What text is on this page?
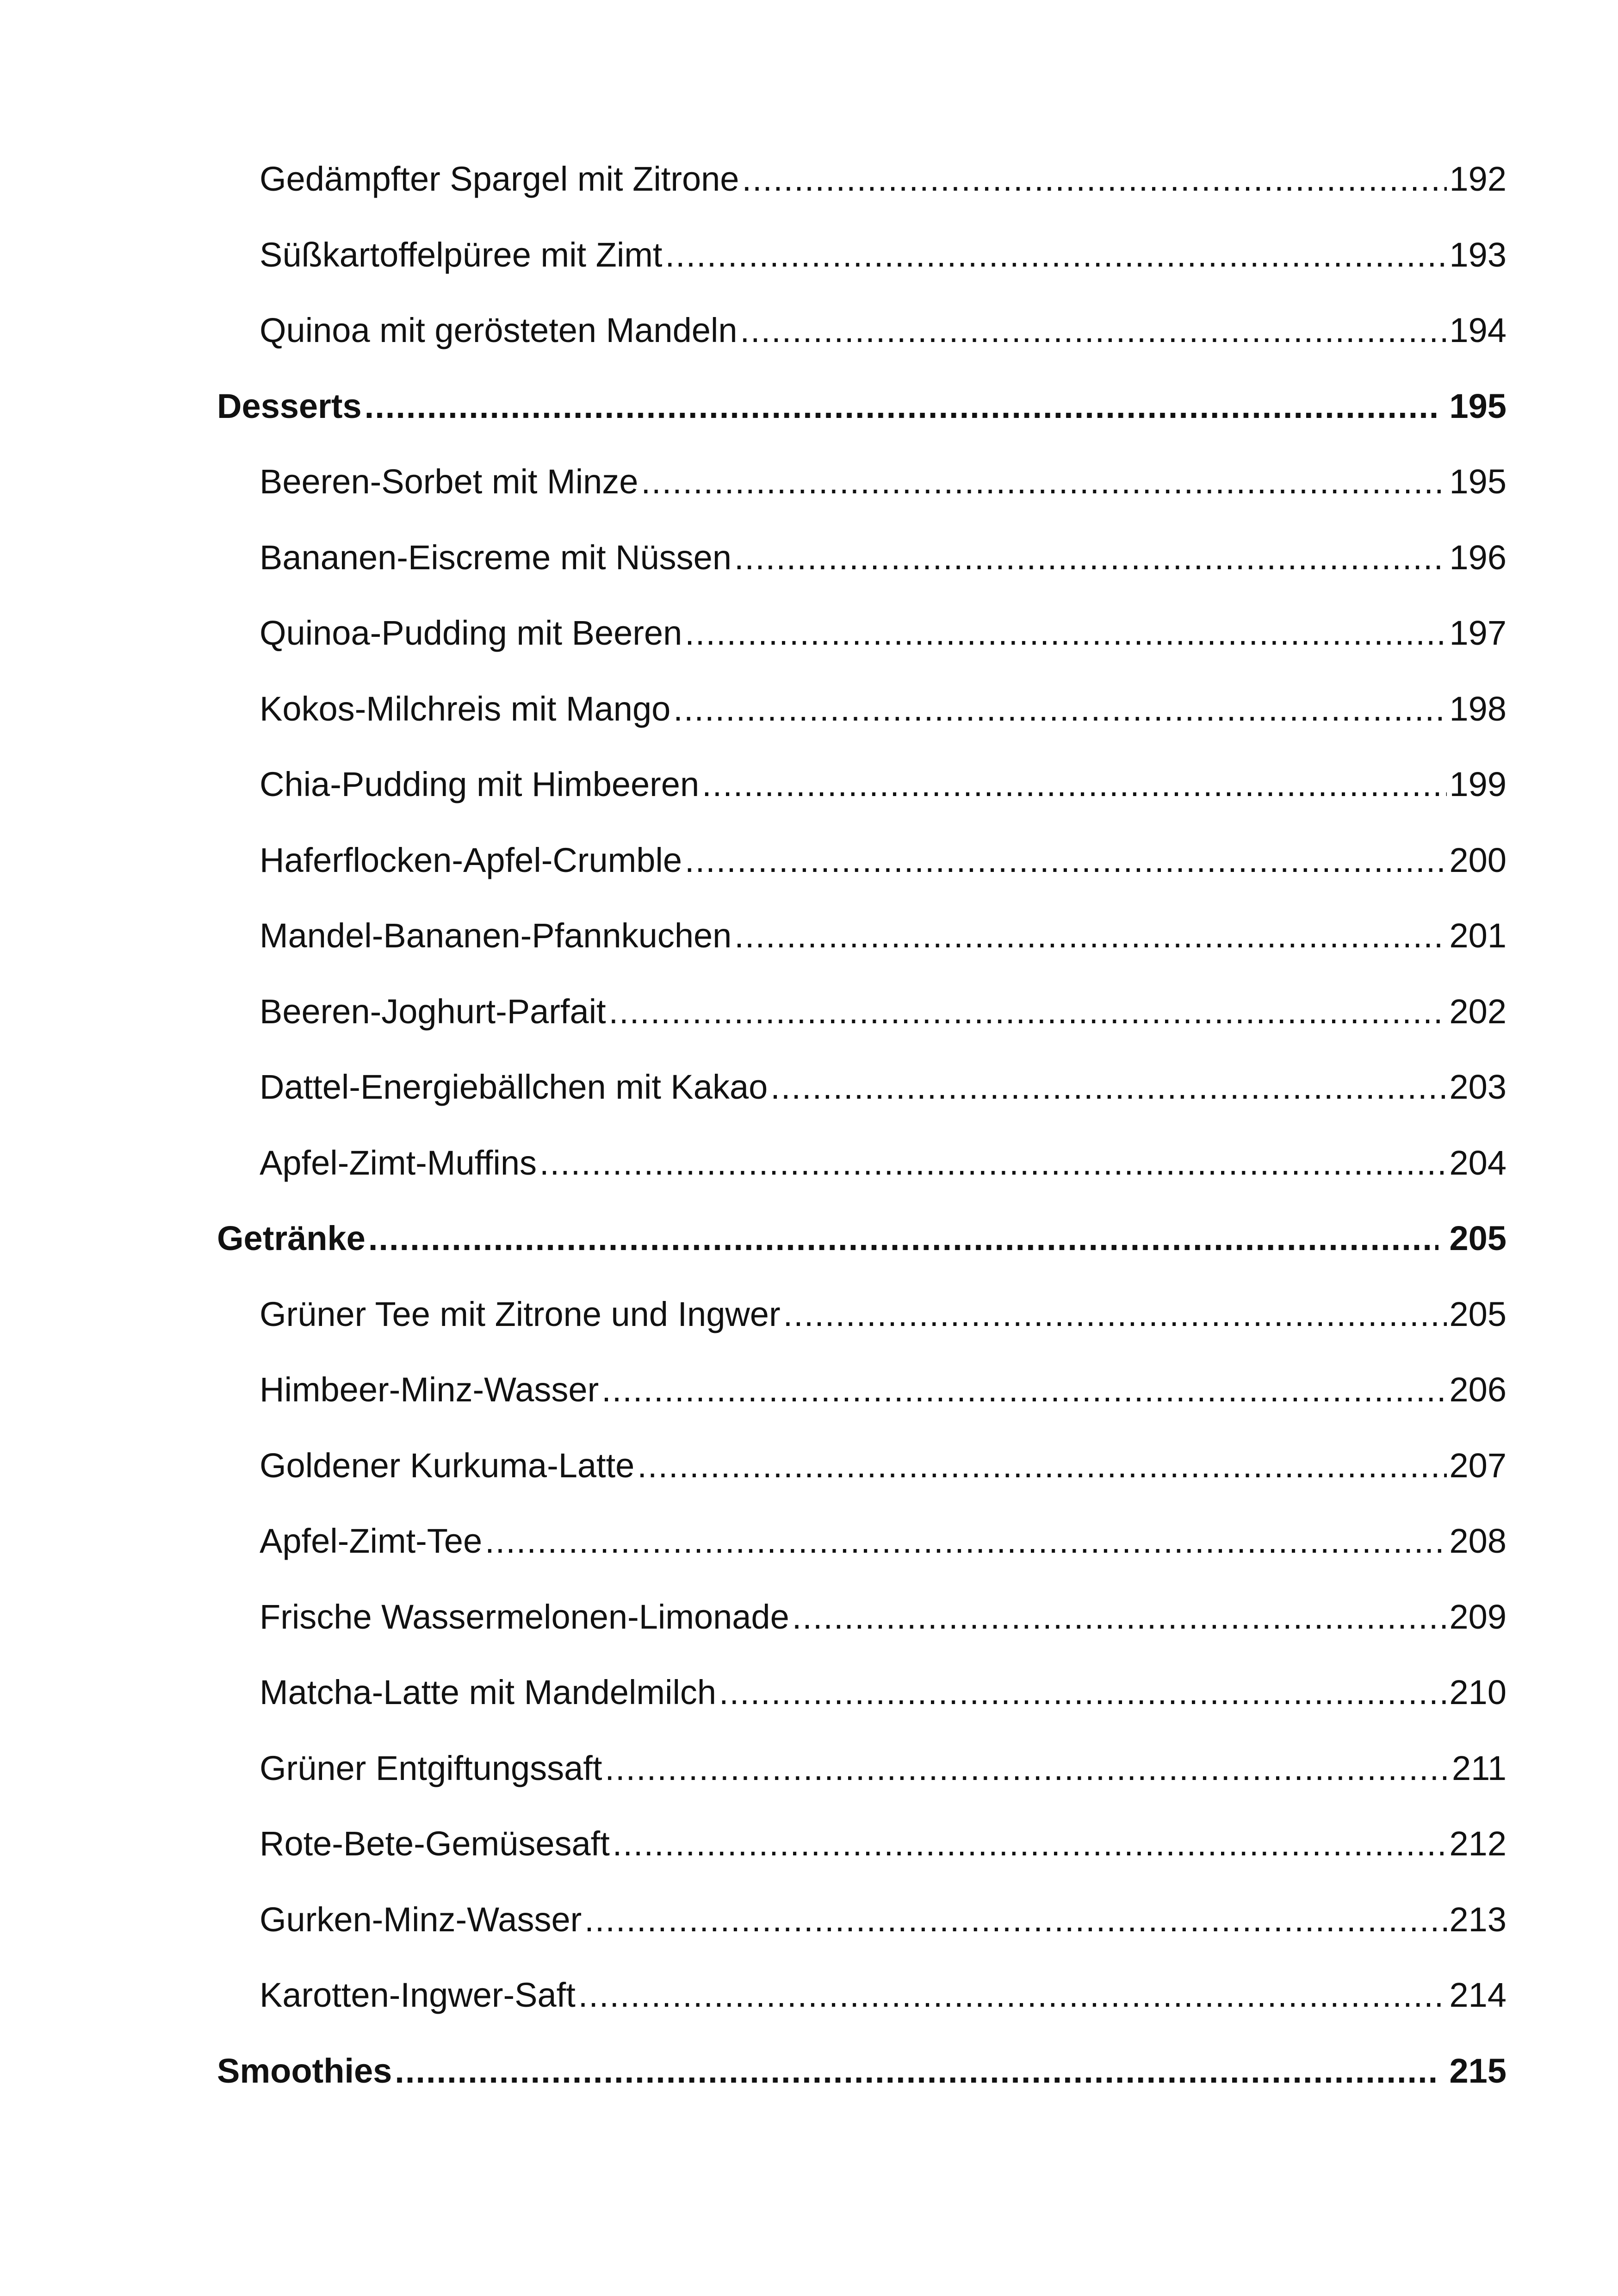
Gedämpfter Spargel mit Zitrone .....	192
Süßkartoffelpüree mit Zimt .....	193
Quinoa mit gerösteten Mandeln .....	194
Desserts .....	195
Beeren-Sorbet mit Minze .....	195
Bananen-Eiscreme mit Nüssen .....	196
Quinoa-Pudding mit Beeren .....	197
Kokos-Milchreis mit Mango .....	198
Chia-Pudding mit Himbeeren .....	199
Haferflocken-Apfel-Crumble .....	200
Mandel-Bananen-Pfannkuchen .....	201
Beeren-Joghurt-Parfait .....	202
Dattel-Energiebällchen mit Kakao .....	203
Apfel-Zimt-Muffins .....	204
Getränke .....	205
Grüner Tee mit Zitrone und Ingwer .....	205
Himbeer-Minz-Wasser .....	206
Goldener Kurkuma-Latte .....	207
Apfel-Zimt-Tee .....	208
Frische Wassermelonen-Limonade .....	209
Matcha-Latte mit Mandelmilch .....	210
Grüner Entgiftungssaft .....	211
Rote-Bete-Gemüsesaft .....	212
Gurken-Minz-Wasser .....	213
Karotten-Ingwer-Saft .....	214
Smoothies .....	215
